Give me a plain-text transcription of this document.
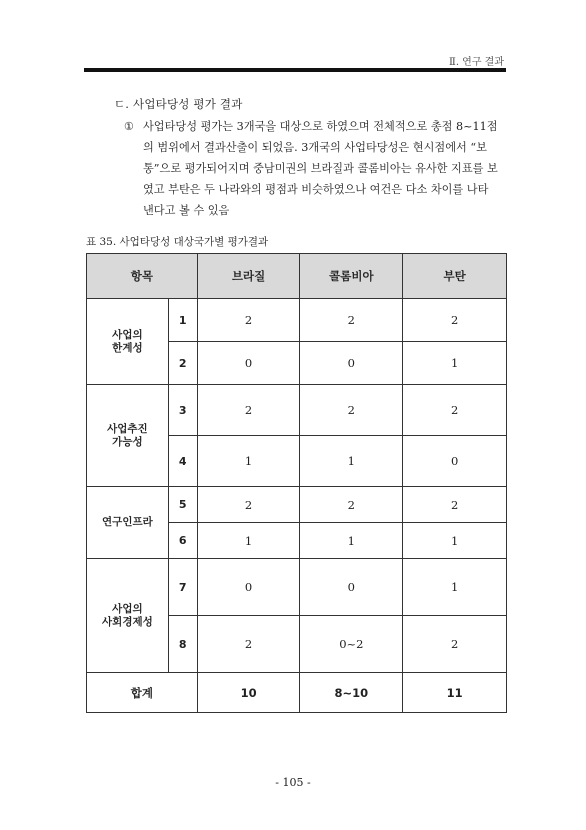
Ⅱ. 연구 결과
ㄷ. 사업타당성 평가 결과
① 사업타당성 평가는 3개국을 대상으로 하였으며 전체적으로 총점 8~11점
의 범위에서 결과산출이 되었음. 3개국의 사업타당성은 현시점에서 “보
통”으로 평가되어지며 중남미권의 브라질과 콜롬비아는 유사한 지표를 보
였고 부탄은 두 나라와의 평점과 비슷하였으나 여건은 다소 차이를 나타
낸다고 볼 수 있음
표 35. 사업타당성 대상국가별 평가결과
항목		브라질	콜롬비아	부탄
사업의
한계성	1	2	2	2
	2	0	0	1
사업추진
가능성	3	2	2	2
	4	1	1	0
연구인프라	5	2	2	2
	6	1	1	1
사업의
사회경제성	7	0	0	1
	8	2	0~2	2
합계		10	8~10	11
- 105 -
